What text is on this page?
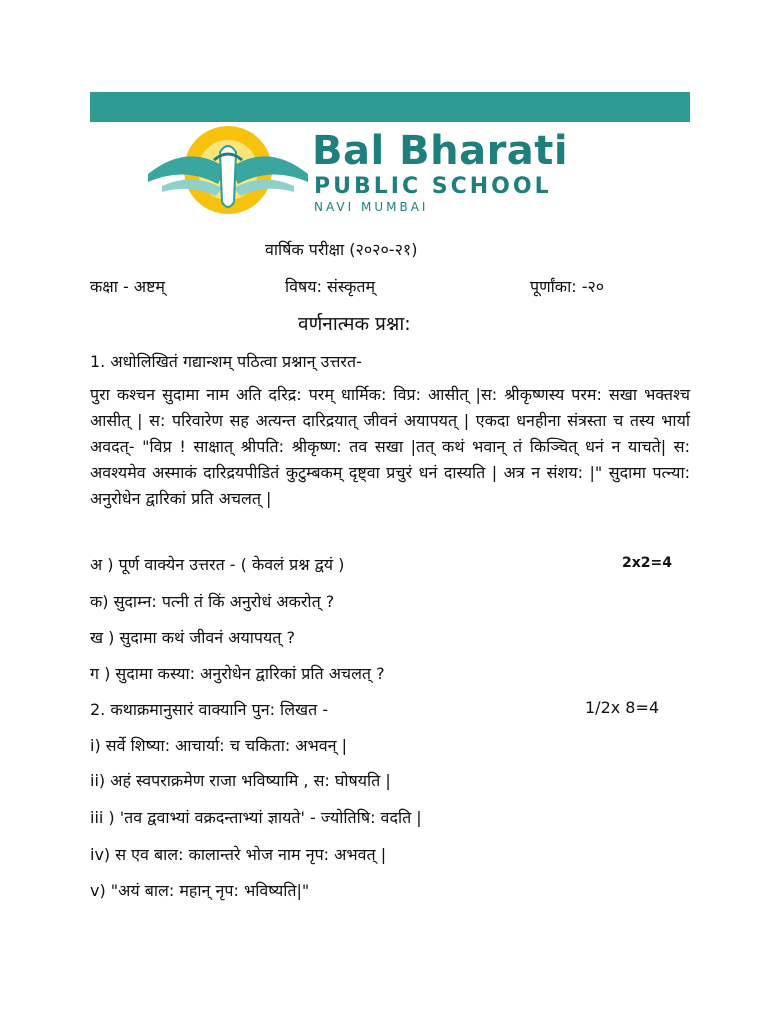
Bal Bharati
PUBLIC SCHOOL
NAVI MUMBAI
वार्षिक परीक्षा (२०२०-२१)
कक्षा - अष्टम्	विषय: संस्कृतम्	पूर्णांका: -२०
वर्णनात्मक प्रश्ना:
1. अधोलिखितं गद्यान्शम् पठित्वा प्रश्नान् उत्तरत-

पुरा कश्चन सुदामा नाम अति दरिद्र: परम् धार्मिक: विप्र: आसीत् |स: श्रीकृष्णस्य परम: सखा भक्तश्च आसीत् | स: परिवारेण सह अत्यन्त दारिद्रयात् जीवनं अयापयत् | एकदा धनहीना संत्रस्ता च तस्य भार्या अवदत्- "विप्र ! साक्षात् श्रीपति: श्रीकृष्ण: तव सखा |तत् कथं भवान् तं किञ्चित् धनं न याचते| स: अवश्यमेव अस्माकं दारिद्रयपीडितं कुटुम्बकम् दृष्ट्वा प्रचुरं धनं दास्यति | अत्र न संशय: |" सुदामा पत्न्या: अनुरोधेन द्वारिकां प्रति अचलत् |

अ ) पूर्ण वाक्येन उत्तरत - ( केवलं प्रश्न द्वयं )	2x2=4
क) सुदाम्न: पत्नी तं किं अनुरोधं अकरोत् ?
ख ) सुदामा कथं जीवनं अयापयत् ?
ग ) सुदामा कस्या: अनुरोधेन द्वारिकां प्रति अचलत् ?
2. कथाक्रमानुसारं वाक्यानि पुन: लिखत -	1/2x 8=4
i) सर्वे शिष्या: आचार्या: च चकिता: अभवन् |
ii) अहं स्वपराक्रमेण राजा भविष्यामि , स: घोषयति |
iii ) 'तव द्ववाभ्यां वक्रदन्ताभ्यां ज्ञायते' - ज्योतिषि: वदति |
iv) स एव बाल: कालान्तरे भोज नाम नृप: अभवत् |
v) "अयं बाल: महान् नृप: भविष्यति|"
